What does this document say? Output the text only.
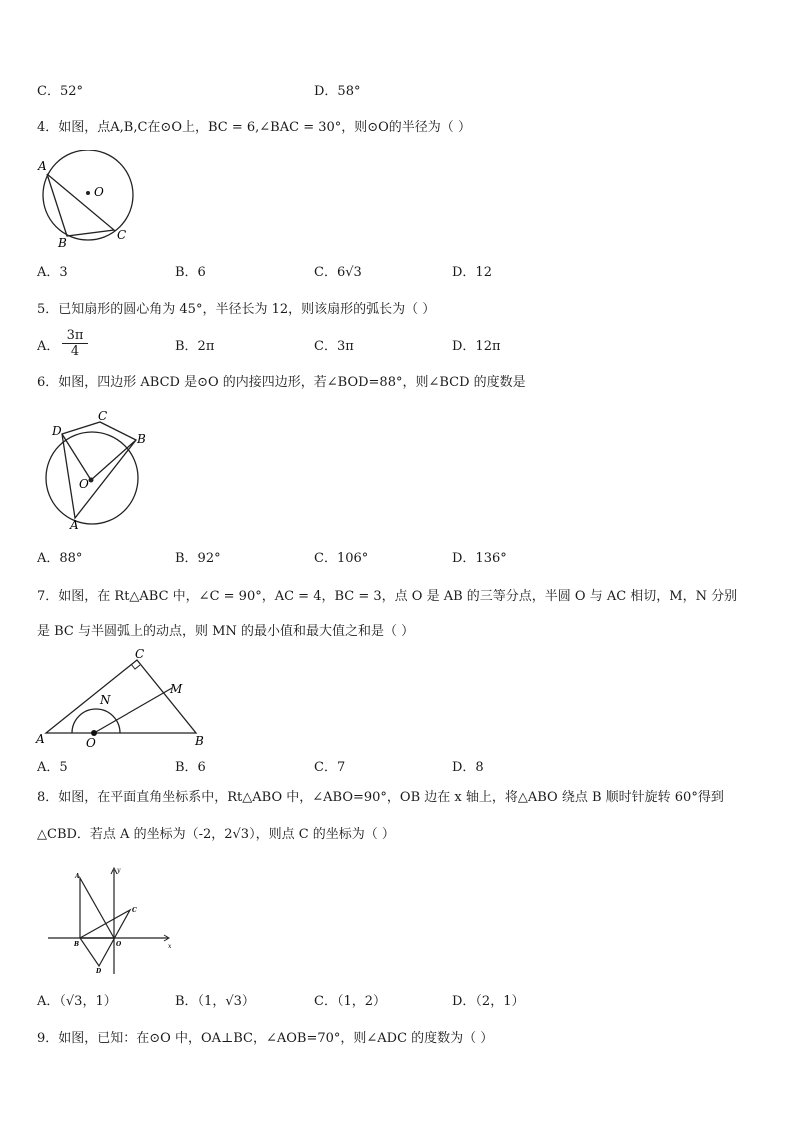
C．52°	D．58°
4．如图，点A,B,C在⊙O上，BC = 6,∠BAC = 30°，则⊙O的半径为（ ）
A
B
C
O
A．3	B．6	C．6√3	D．12
5．已知扇形的圆心角为 45°，半径长为 12，则该扇形的弧长为（ ）
A． $\frac{3\pi}{4}$	B．2π	C．3π	D．12π
6．如图，四边形 ABCD 是⊙O 的内接四边形，若∠BOD=88°，则∠BCD 的度数是
D
C
B
O
A
A．88°	B．92°	C．106°	D．136°
7．如图，在 Rt△ABC 中，∠C = 90°，AC = 4，BC = 3，点 O 是 AB 的三等分点，半圆 O 与 AC 相切，M，N 分别
是 BC 与半圆弧上的动点，则 MN 的最小值和最大值之和是（ ）
A	O	B
C
M
N
A．5	B．6	C．7	D．8
8．如图，在平面直角坐标系中，Rt△ABO 中，∠ABO=90°，OB 边在 x 轴上，将△ABO 绕点 B 顺时针旋转 60°得到
△CBD．若点 A 的坐标为（-2，2√3），则点 C 的坐标为（ ）
A
B
C
D
O	x
y
A．（√3，1）	B．（1，√3）	C．（1，2）	D．（2，1）
9．如图，已知：在⊙O 中，OA⊥BC，∠AOB=70°，则∠ADC 的度数为（ ）
